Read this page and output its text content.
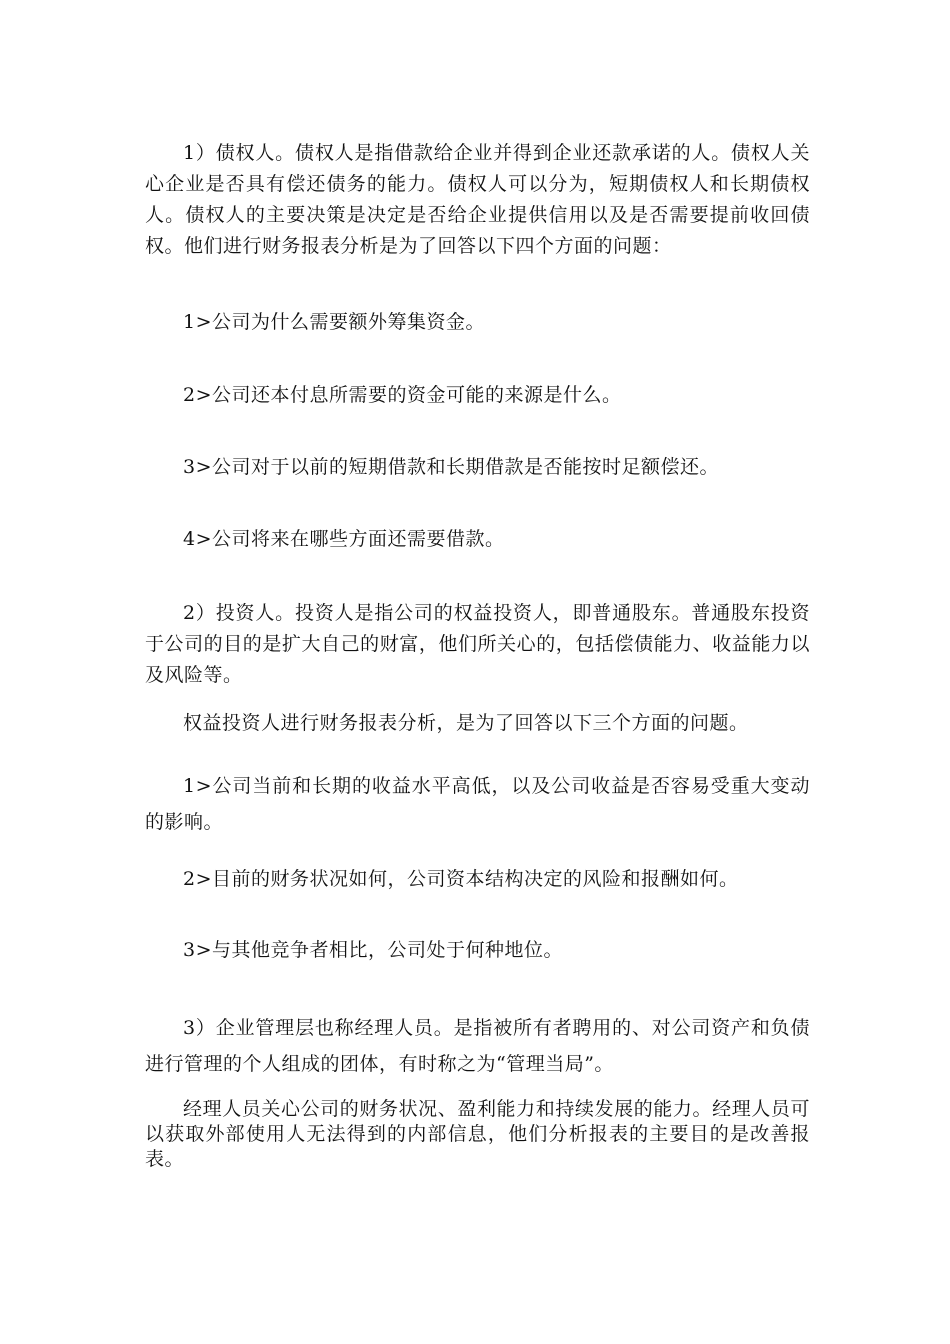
1）债权人。债权人是指借款给企业并得到企业还款承诺的人。债权人关心企业是否具有偿还债务的能力。债权人可以分为，短期债权人和长期债权人。债权人的主要决策是决定是否给企业提供信用以及是否需要提前收回债权。他们进行财务报表分析是为了回答以下四个方面的问题：

1>公司为什么需要额外筹集资金。

2>公司还本付息所需要的资金可能的来源是什么。

3>公司对于以前的短期借款和长期借款是否能按时足额偿还。

4>公司将来在哪些方面还需要借款。

2）投资人。投资人是指公司的权益投资人，即普通股东。普通股东投资于公司的目的是扩大自己的财富，他们所关心的，包括偿债能力、收益能力以及风险等。

权益投资人进行财务报表分析，是为了回答以下三个方面的问题。

1>公司当前和长期的收益水平高低，以及公司收益是否容易受重大变动的影响。

2>目前的财务状况如何，公司资本结构决定的风险和报酬如何。

3>与其他竞争者相比，公司处于何种地位。

3）企业管理层也称经理人员。是指被所有者聘用的、对公司资产和负债进行管理的个人组成的团体，有时称之为“管理当局”。

经理人员关心公司的财务状况、盈利能力和持续发展的能力。经理人员可以获取外部使用人无法得到的内部信息，他们分析报表的主要目的是改善报表。
